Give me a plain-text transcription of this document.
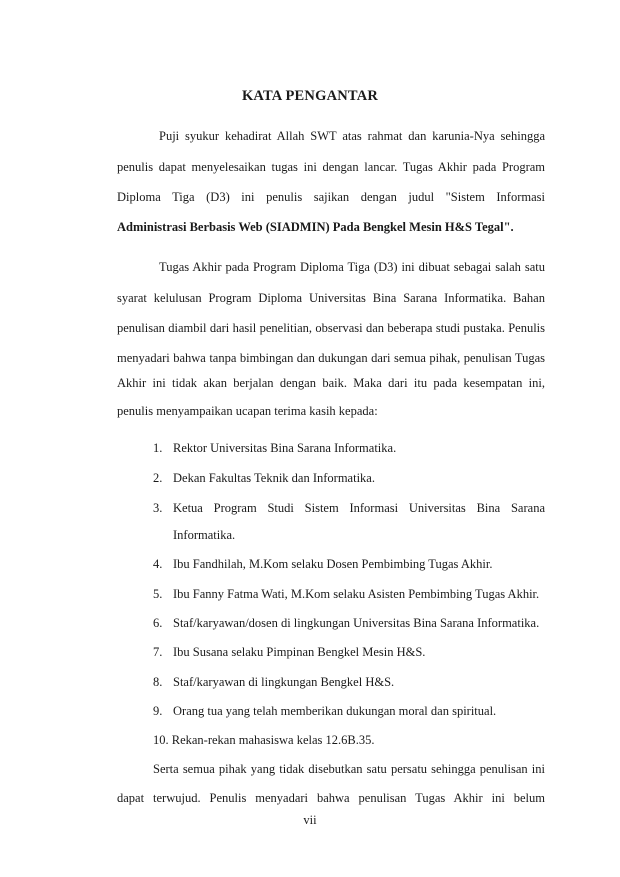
KATA PENGANTAR
Puji syukur kehadirat Allah SWT atas rahmat dan karunia-Nya sehingga
penulis dapat menyelesaikan tugas ini dengan lancar. Tugas Akhir pada Program
Diploma Tiga (D3) ini penulis sajikan dengan judul "Sistem Informasi
Administrasi Berbasis Web (SIADMIN) Pada Bengkel Mesin H&S Tegal".
Tugas Akhir pada Program Diploma Tiga (D3) ini dibuat sebagai salah satu
syarat kelulusan Program Diploma Universitas Bina Sarana Informatika. Bahan
penulisan diambil dari hasil penelitian, observasi dan beberapa studi pustaka. Penulis
menyadari bahwa tanpa bimbingan dan dukungan dari semua pihak, penulisan Tugas
Akhir ini tidak akan berjalan dengan baik. Maka dari itu pada kesempatan ini,
penulis menyampaikan ucapan terima kasih kepada:
1. Rektor Universitas Bina Sarana Informatika.
2. Dekan Fakultas Teknik dan Informatika.
3. Ketua Program Studi Sistem Informasi Universitas Bina Sarana
Informatika.
4. Ibu Fandhilah, M.Kom selaku Dosen Pembimbing Tugas Akhir.
5. Ibu Fanny Fatma Wati, M.Kom selaku Asisten Pembimbing Tugas Akhir.
6. Staf/karyawan/dosen di lingkungan Universitas Bina Sarana Informatika.
7. Ibu Susana selaku Pimpinan Bengkel Mesin H&S.
8. Staf/karyawan di lingkungan Bengkel H&S.
9. Orang tua yang telah memberikan dukungan moral dan spiritual.
10. Rekan-rekan mahasiswa kelas 12.6B.35.
Serta semua pihak yang tidak disebutkan satu persatu sehingga penulisan ini
dapat terwujud. Penulis menyadari bahwa penulisan Tugas Akhir ini belum
vii
